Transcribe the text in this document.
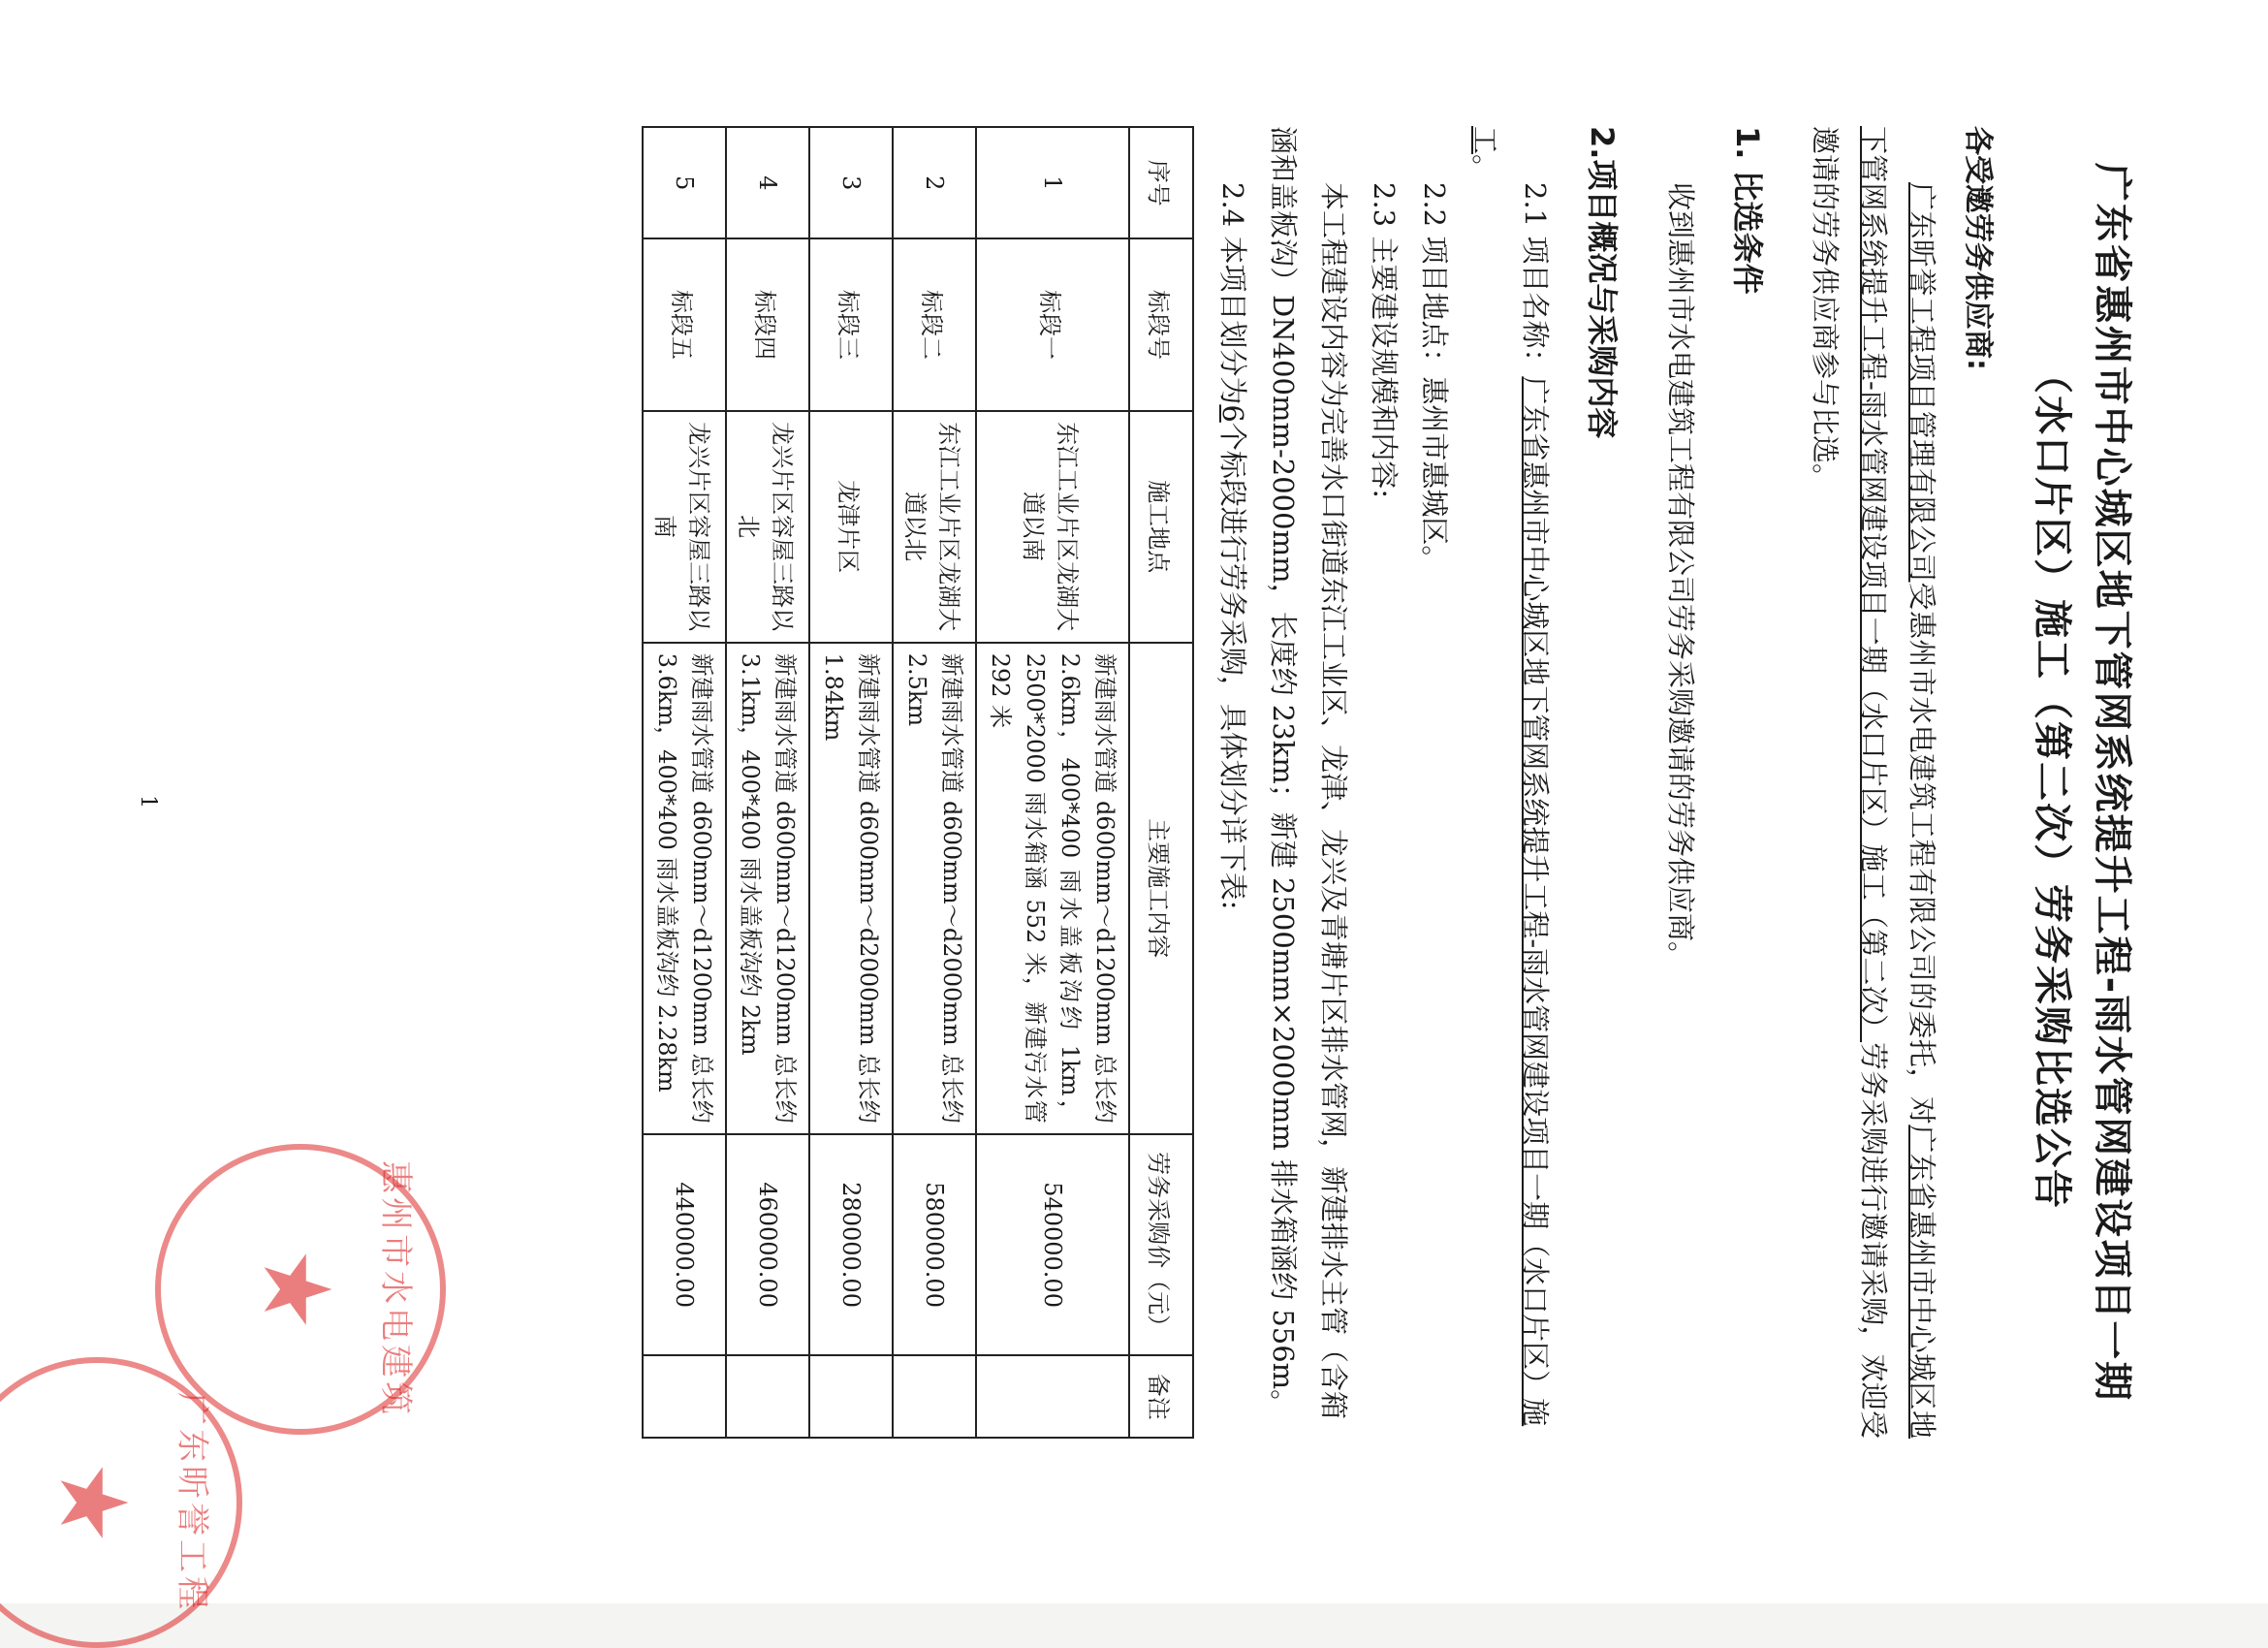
广东省惠州市中心城区地下管网系统提升工程-雨水管网建设项目一期
（水口片区）施工（第二次）劳务采购比选公告
各受邀劳务供应商:

广东昕誉工程项目管理有限公司受惠州市水电建筑工程有限公司的委托，对广东省惠州市中心城区地下管网系统提升工程-雨水管网建设项目一期（水口片区）施工（第二次）劳务采购进行邀请采购，欢迎受邀请的劳务供应商参与比选。

1. 比选条件

收到惠州市水电建筑工程有限公司劳务采购邀请的劳务供应商。

2.项目概况与采购内容

2.1 项目名称：广东省惠州市中心城区地下管网系统提升工程-雨水管网建设项目一期（水口片区）施工。

2.2 项目地点：惠州市惠城区。

2.3 主要建设规模和内容:

本工程建设内容为完善水口街道东江工业区、龙津、龙兴及青塘片区排水管网，新建排水主管（含箱涵和盖板沟）DN400mm-2000mm，长度约 23km；新建 2500mm×2000mm 排水箱涵约 556m。

2.4 本项目划分为6个标段进行劳务采购，具体划分详下表:

序号	标段号	施工地点	主要施工内容	劳务采购价（元）	备注
1	标段一	东江工业片区龙湖大道以南	新建雨水管道 d600mm～d1200mm 总长约 2.6km，400*400 雨水盖板沟约 1km，2500*2000 雨水箱涵 552 米，新建污水管 292 米	540000.00	
2	标段二	东江工业片区龙湖大道以北	新建雨水管道 d600mm～d2000mm 总长约 2.5km	580000.00	
3	标段三	龙津片区	新建雨水管道 d600mm～d2000mm 总长约 1.84km	280000.00	
4	标段四	龙兴片区容屋三路以北	新建雨水管道 d600mm～d1200mm 总长约 3.1km，400*400 雨水盖板沟约 2km	460000.00	
5	标段五	龙兴片区容屋三路以南	新建雨水管道 d600mm～d1200mm 总长约 3.6km，400*400 雨水盖板沟约 2.28km	440000.00	
1
惠州市水电建筑
★
广东昕誉工程
★
